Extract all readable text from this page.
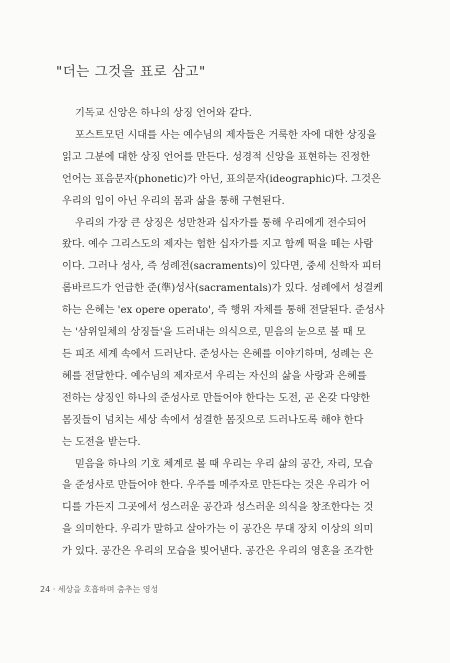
"더는 그것을 표로 삼고"

기독교 신앙은 하나의 상징 언어와 같다.

포스트모던 시대를 사는 예수님의 제자들은 거룩한 자에 대한 상징을
읽고 그분에 대한 상징 언어를 만든다. 성경적 신앙을 표현하는 진정한
언어는 표음문자(phonetic)가 아닌, 표의문자(ideographic)다. 그것은
우리의 입이 아닌 우리의 몸과 삶을 통해 구현된다.

우리의 가장 큰 상징은 성만찬과 십자가를 통해 우리에게 전수되어
왔다. 예수 그리스도의 제자는 험한 십자가를 지고 함께 떡을 떼는 사람
이다. 그러나 성사, 즉 성례전(sacraments)이 있다면, 중세 신학자 피터
롬바르드가 언급한 준(準)성사(sacramentals)가 있다. 성례에서 성결케
하는 은혜는 'ex opere operato', 즉 행위 자체를 통해 전달된다. 준성사
는 '삼위일체의 상징들'을 드러내는 의식으로, 믿음의 눈으로 볼 때 모
든 피조 세계 속에서 드러난다. 준성사는 은혜를 이야기하며, 성례는 은
혜를 전달한다. 예수님의 제자로서 우리는 자신의 삶을 사랑과 은혜를
전하는 상징인 하나의 준성사로 만들어야 한다는 도전, 곧 온갖 다양한
몸짓들이 넘치는 세상 속에서 성결한 몸짓으로 드러나도록 해야 한다
는 도전을 받는다.

믿음을 하나의 기호 체계로 볼 때 우리는 우리 삶의 공간, 자리, 모습
을 준성사로 만들어야 한다. 우주를 메주자로 만든다는 것은 우리가 어
디를 가든지 그곳에서 성스러운 공간과 성스러운 의식을 창조한다는 것
을 의미한다. 우리가 말하고 살아가는 이 공간은 무대 장치 이상의 의미
가 있다. 공간은 우리의 모습을 빚어낸다. 공간은 우리의 영혼을 조각한

24 · 세상을 호흡하며 춤추는 영성
